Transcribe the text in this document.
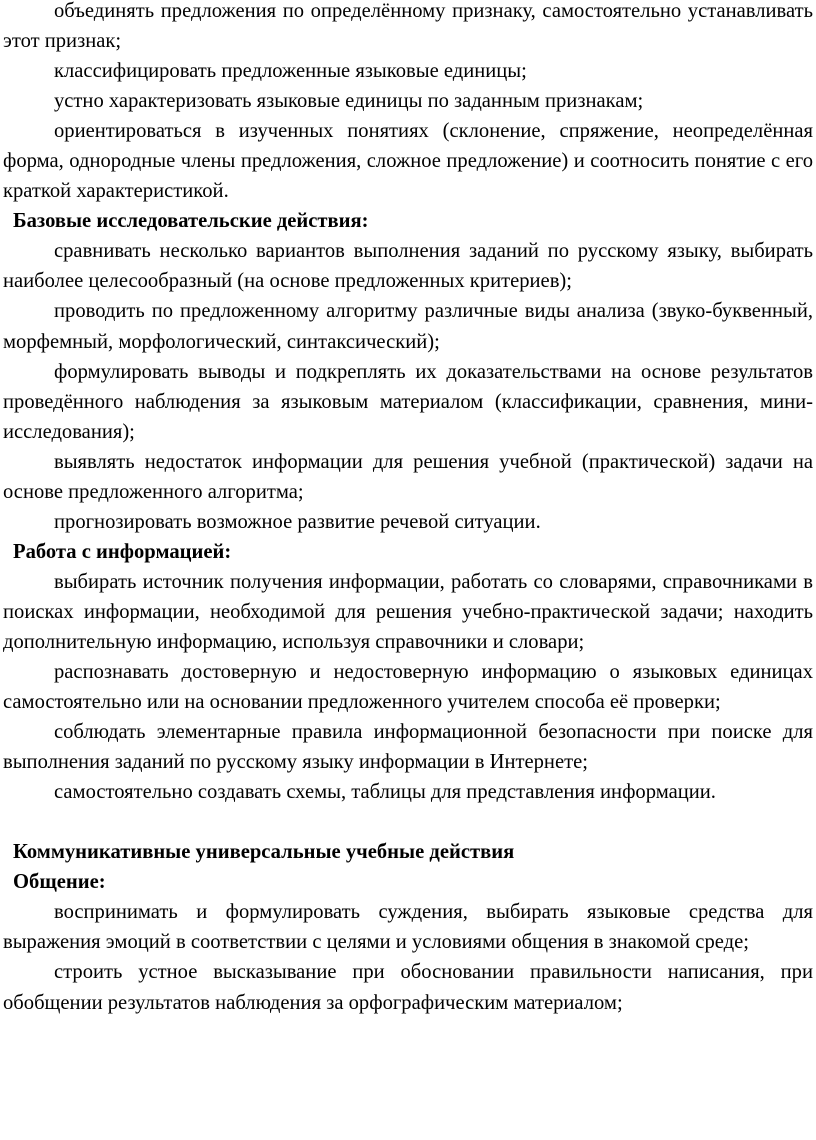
объединять предложения по определённому признаку, самостоятельно устанавливать этот признак;

классифицировать предложенные языковые единицы;

устно характеризовать языковые единицы по заданным признакам;

ориентироваться в изученных понятиях (склонение, спряжение, неопределённая форма, однородные члены предложения, сложное предложение) и соотносить понятие с его краткой характеристикой.

Базовые исследовательские действия:

сравнивать несколько вариантов выполнения заданий по русскому языку, выбирать наиболее целесообразный (на основе предложенных критериев);

проводить по предложенному алгоритму различные виды анализа (звуко-буквенный, морфемный, морфологический, синтаксический);

формулировать выводы и подкреплять их доказательствами на основе результатов проведённого наблюдения за языковым материалом (классификации, сравнения, мини-исследования);

выявлять недостаток информации для решения учебной (практической) задачи на основе предложенного алгоритма;

прогнозировать возможное развитие речевой ситуации.

Работа с информацией:

выбирать источник получения информации, работать со словарями, справочниками в поисках информации, необходимой для решения учебно-практической задачи; находить дополнительную информацию, используя справочники и словари;

распознавать достоверную и недостоверную информацию о языковых единицах самостоятельно или на основании предложенного учителем способа её проверки;

соблюдать элементарные правила информационной безопасности при поиске для выполнения заданий по русскому языку информации в Интернете;

самостоятельно создавать схемы, таблицы для представления информации.

Коммуникативные универсальные учебные действия

Общение:

воспринимать и формулировать суждения, выбирать языковые средства для выражения эмоций в соответствии с целями и условиями общения в знакомой среде;

строить устное высказывание при обосновании правильности написания, при обобщении результатов наблюдения за орфографическим материалом;
